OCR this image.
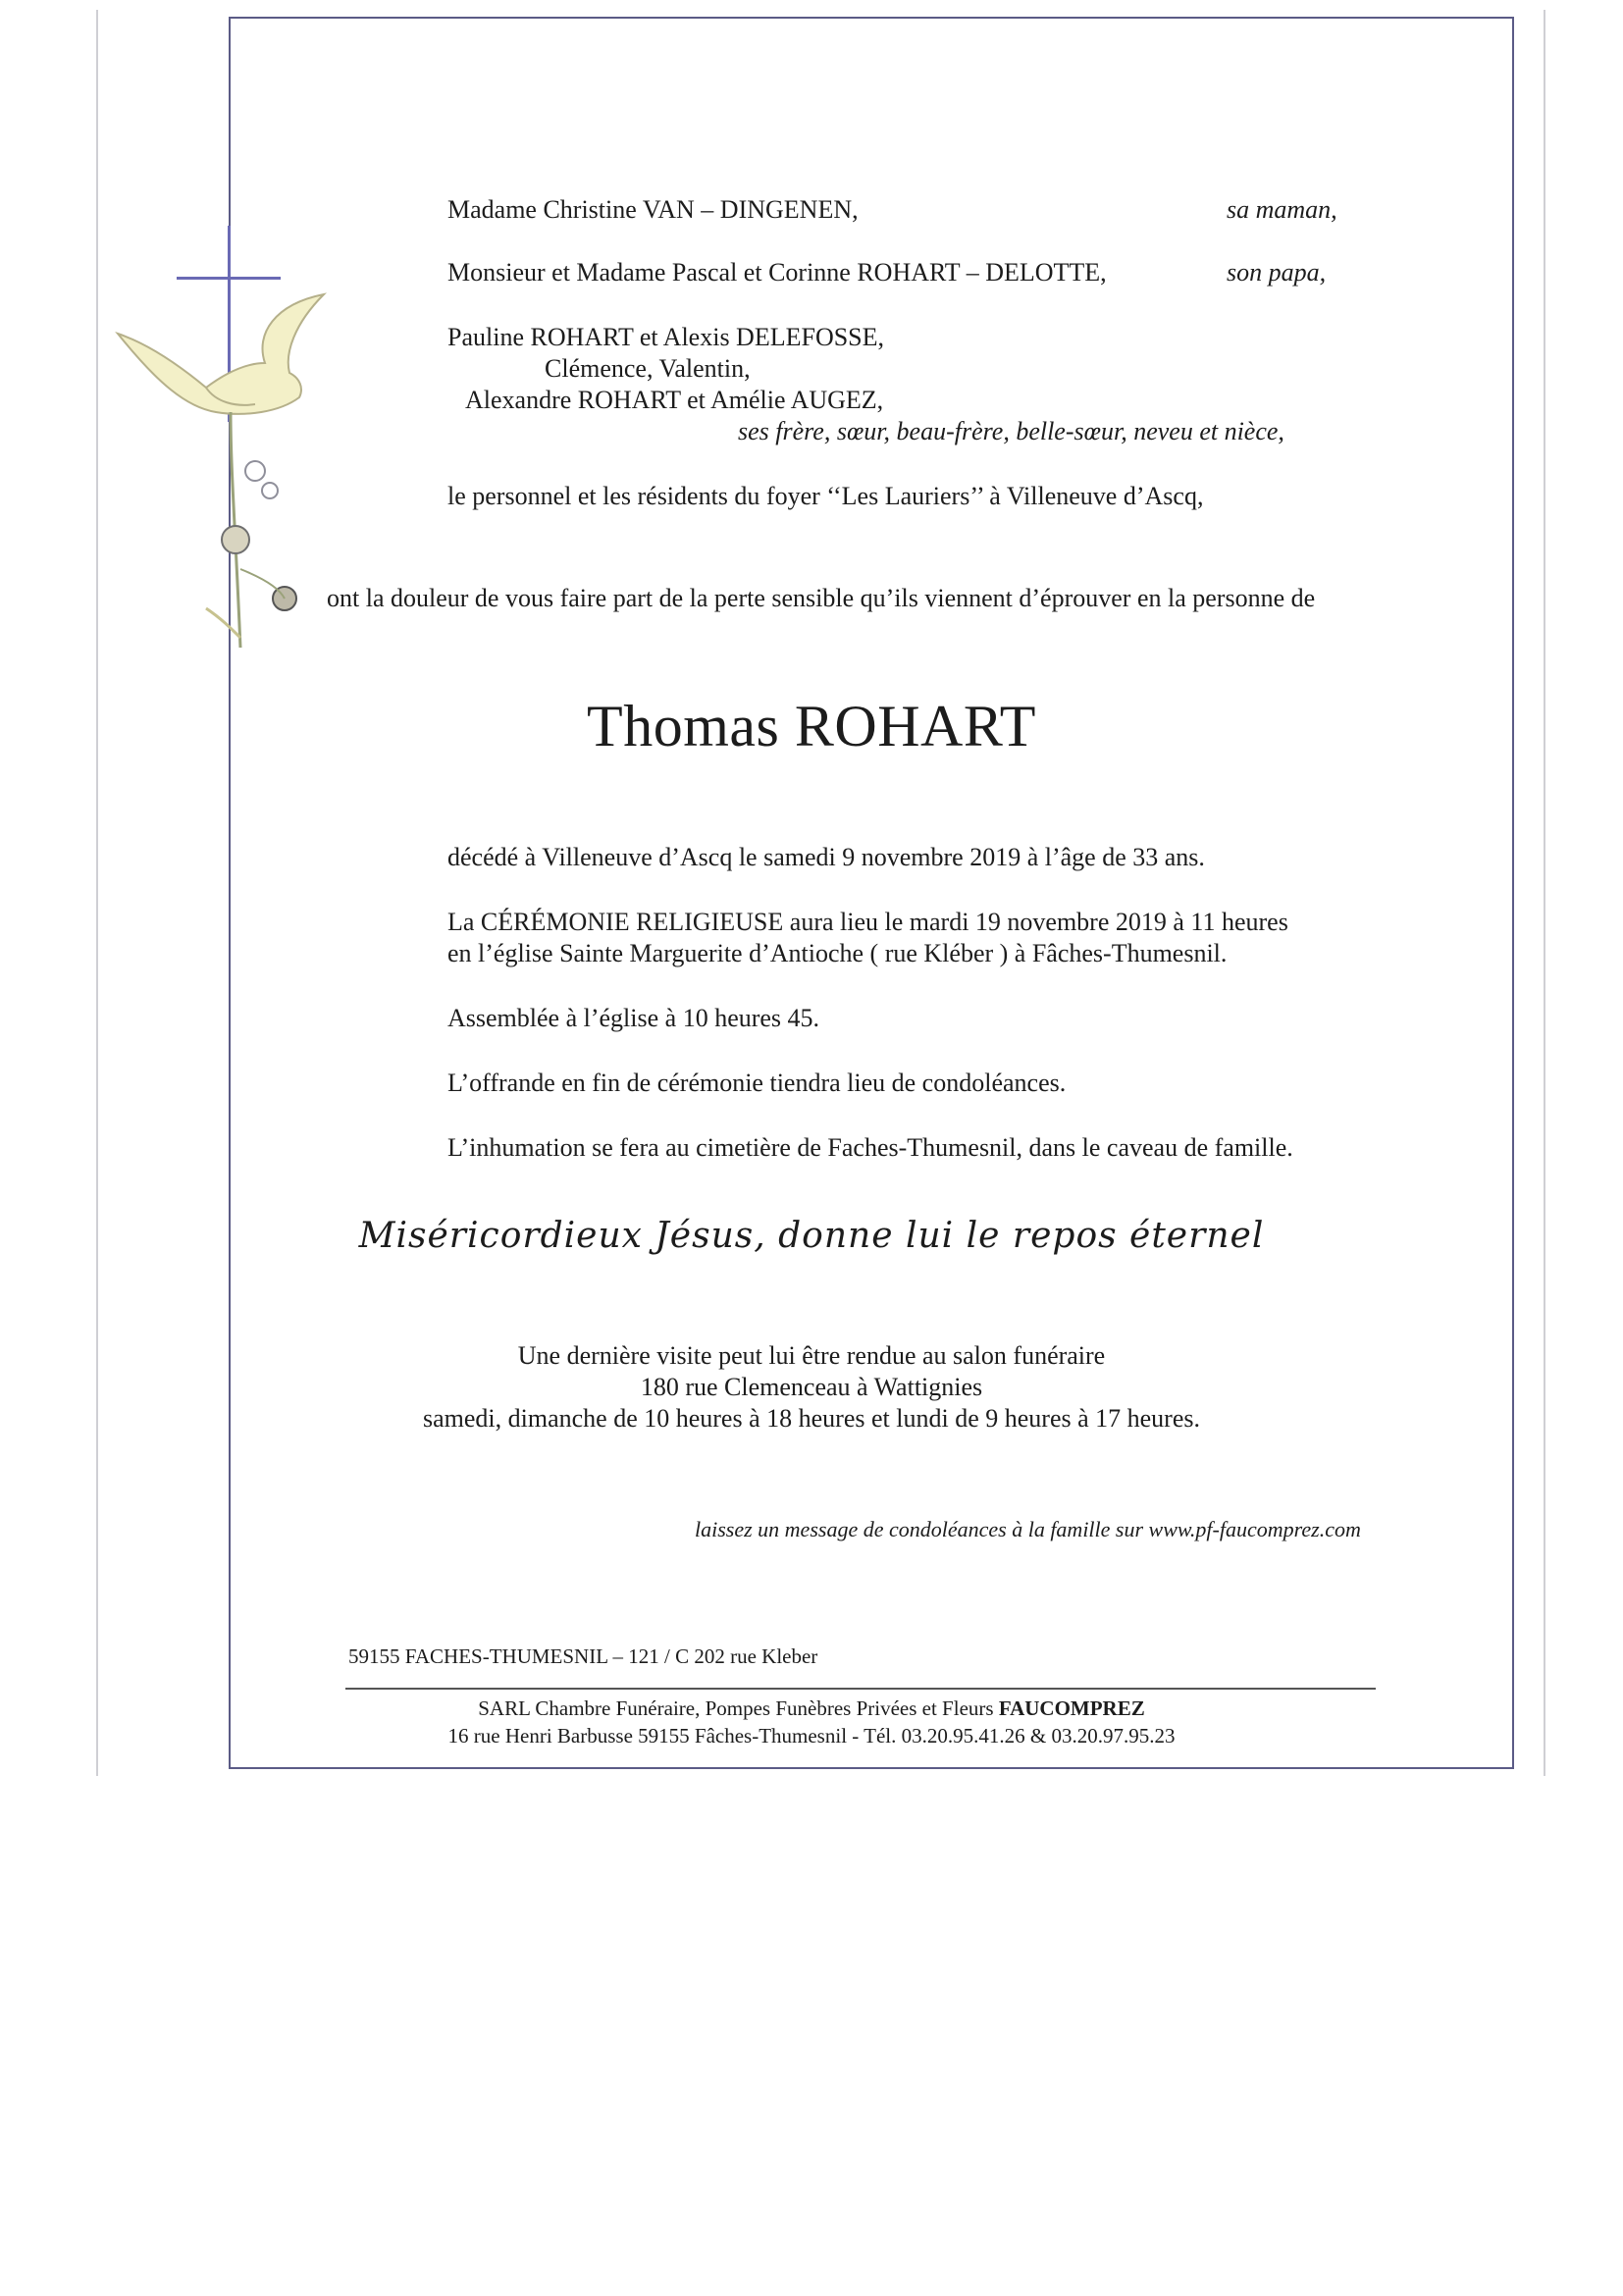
Madame Christine VAN – DINGENEN,	sa maman,
Monsieur et Madame Pascal et Corinne ROHART – DELOTTE,	son papa,
Pauline ROHART et Alexis DELEFOSSE,
Clémence, Valentin,
Alexandre ROHART et Amélie AUGEZ,
ses frère, sœur, beau-frère, belle-sœur, neveu et nièce,
le personnel et les résidents du foyer ‘‘Les Lauriers’’ à Villeneuve d’Ascq,
ont la douleur de vous faire part de la perte sensible qu’ils viennent d’éprouver en la personne de
Thomas ROHART
décédé à Villeneuve d’Ascq le samedi 9 novembre 2019 à l’âge de 33 ans.
La CÉRÉMONIE RELIGIEUSE aura lieu le mardi 19 novembre 2019 à 11 heures
en l’église Sainte Marguerite d’Antioche ( rue Kléber ) à Fâches-Thumesnil.
Assemblée à l’église à 10 heures 45.
L’offrande en fin de cérémonie tiendra lieu de condoléances.
L’inhumation se fera au cimetière de Faches-Thumesnil, dans le caveau de famille.
Miséricordieux Jésus, donne lui le repos éternel
Une dernière visite peut lui être rendue au salon funéraire
180 rue Clemenceau à Wattignies
samedi, dimanche de 10 heures à 18 heures et lundi de 9 heures à 17 heures.
laissez un message de condoléances à la famille sur www.pf-faucomprez.com
59155 FACHES-THUMESNIL – 121 / C 202 rue Kleber
SARL Chambre Funéraire, Pompes Funèbres Privées et Fleurs FAUCOMPREZ
16 rue Henri Barbusse 59155 Fâches-Thumesnil - Tél. 03.20.95.41.26 & 03.20.97.95.23
